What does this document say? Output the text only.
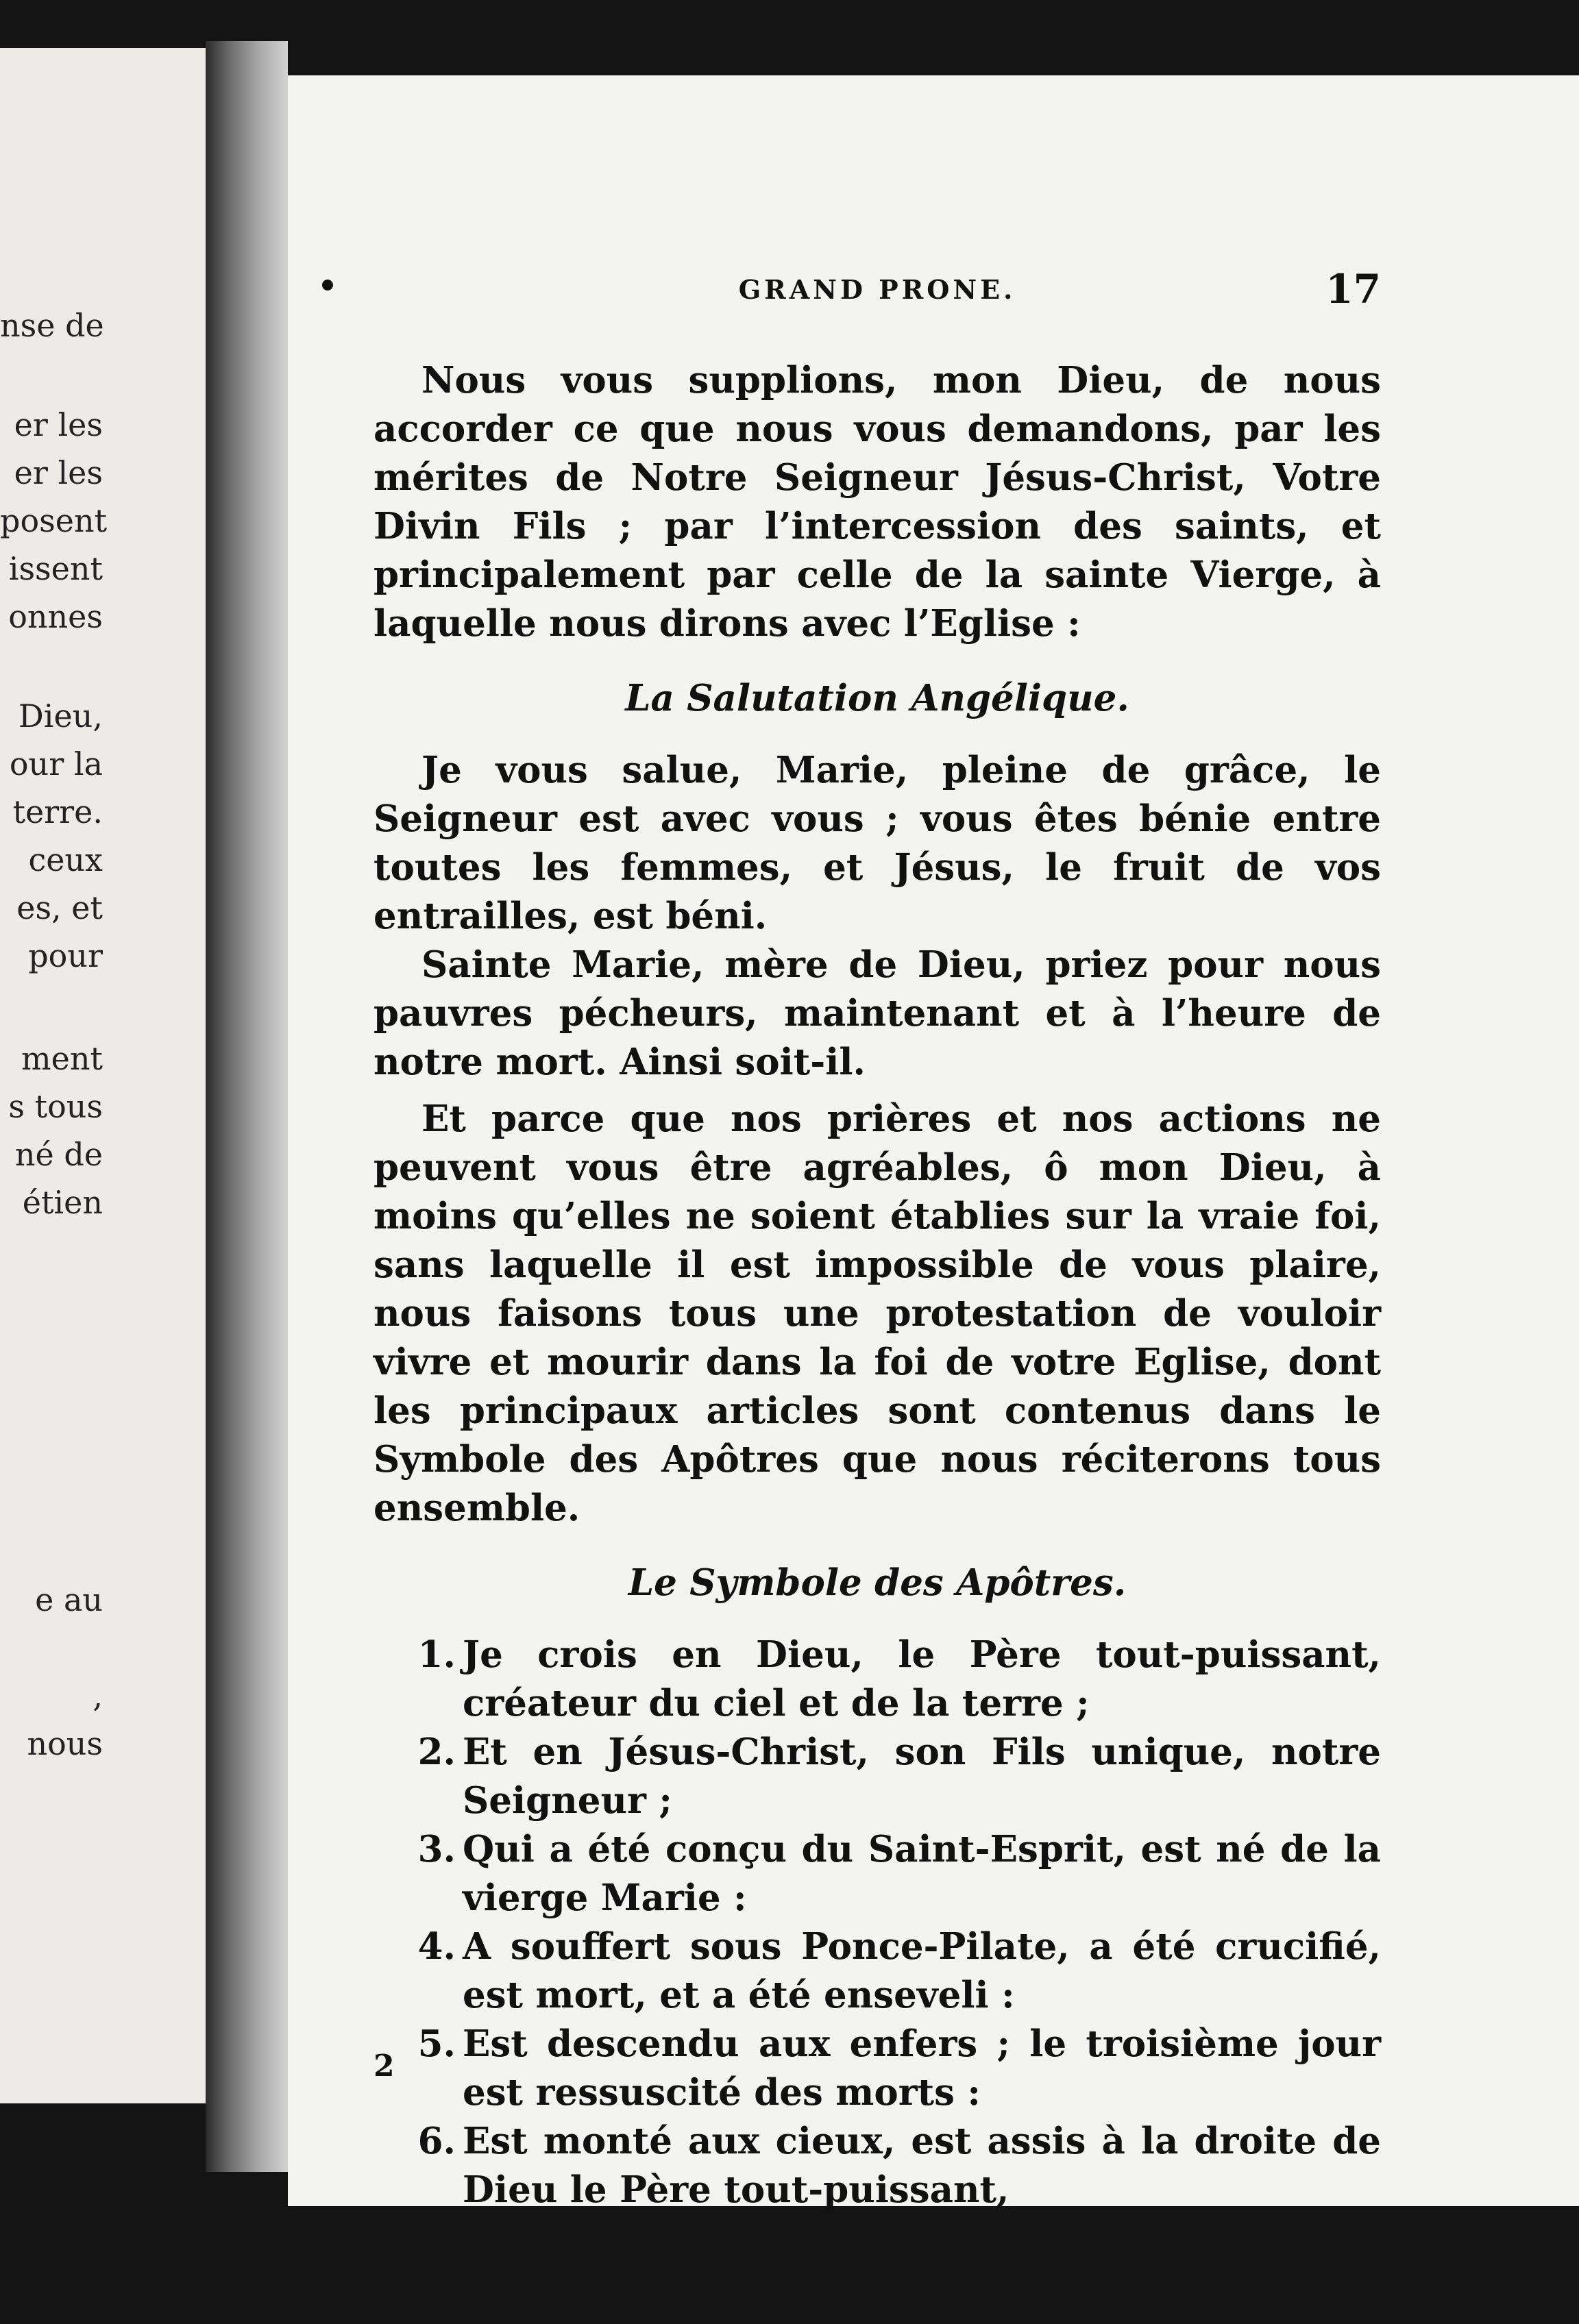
nse de
er les
er les
posent
issent
onnes
Dieu,
our la
terre.
ceux
es, et
pour
ment
s tous
né de
étien
e au
,
nous
GRAND PRONE.	17

Nous vous supplions, mon Dieu, de nous accorder ce que nous vous demandons, par les mérites de Notre Seigneur Jésus-Christ, Votre Divin Fils ; par l’intercession des saints, et principalement par celle de la sainte Vierge, à laquelle nous dirons avec l’Eglise :

La Salutation Angélique.

Je vous salue, Marie, pleine de grâce, le Seigneur est avec vous ; vous êtes bénie entre toutes les femmes, et Jésus, le fruit de vos entrailles, est béni.

Sainte Marie, mère de Dieu, priez pour nous pauvres pécheurs, maintenant et à l’heure de notre mort. Ainsi soit-il.

Et parce que nos prières et nos actions ne peuvent vous être agréables, ô mon Dieu, à moins qu’elles ne soient établies sur la vraie foi, sans laquelle il est impossible de vous plaire, nous faisons tous une protestation de vouloir vivre et mourir dans la foi de votre Eglise, dont les principaux articles sont contenus dans le Symbole des Apôtres que nous réciterons tous ensemble.

Le Symbole des Apôtres.
1. Je crois en Dieu, le Père tout-puissant, créateur du ciel et de la terre ;
2. Et en Jésus-Christ, son Fils unique, notre Seigneur ;
3. Qui a été conçu du Saint-Esprit, est né de la vierge Marie :
4. A souffert sous Ponce-Pilate, a été crucifié, est mort, et a été enseveli :
5. Est descendu aux enfers ; le troisième jour est ressuscité des morts :
6. Est monté aux cieux, est assis à la droite de Dieu le Père tout-puissant,
2
